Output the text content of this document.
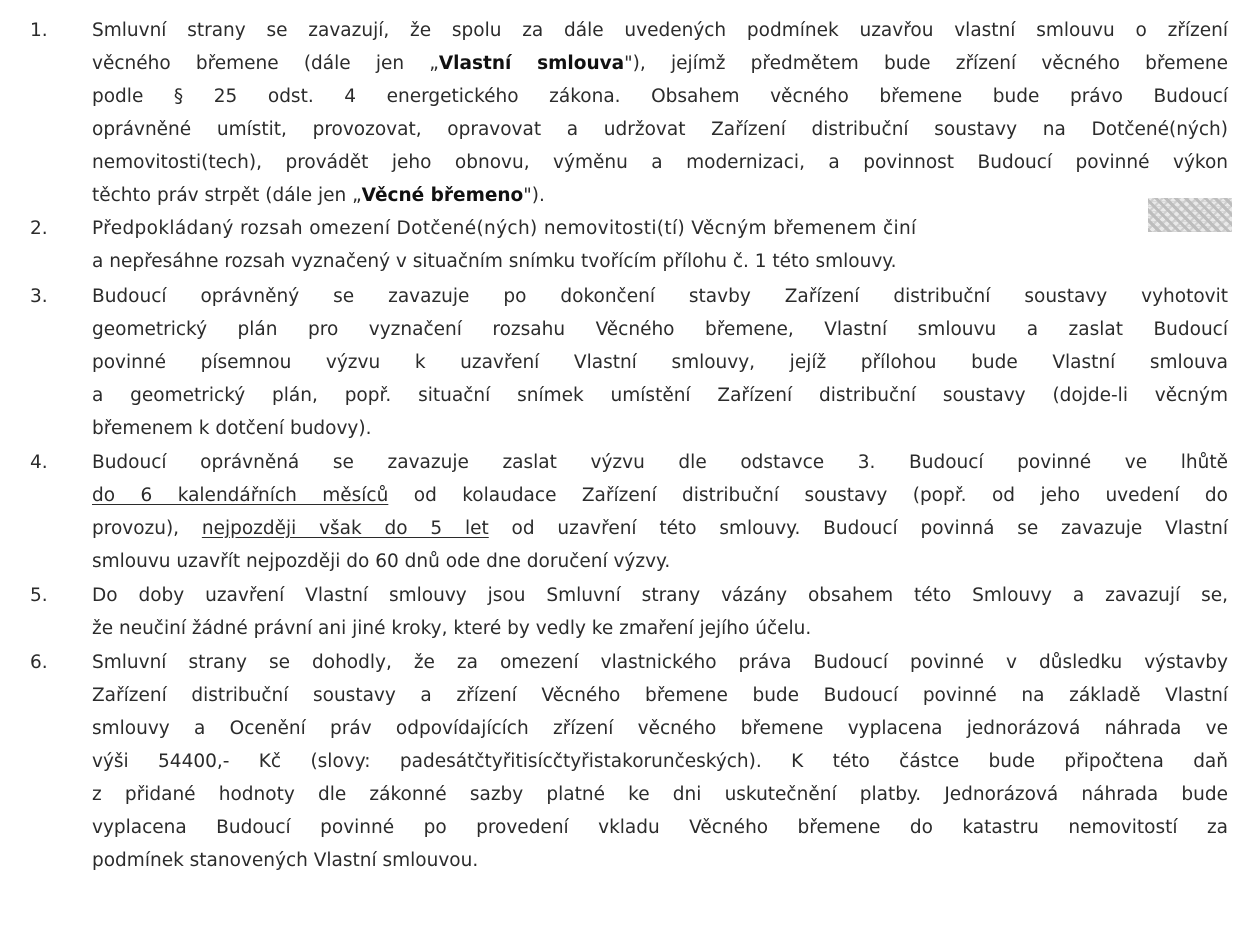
1. Smluvní strany se zavazují, že spolu za dále uvedených podmínek uzavřou vlastní smlouvu o zřízení
věcného břemene (dále jen „Vlastní smlouva"), jejímž předmětem bude zřízení věcného břemene
podle § 25 odst. 4 energetického zákona. Obsahem věcného břemene bude právo Budoucí
oprávněné umístit, provozovat, opravovat a udržovat Zařízení distribuční soustavy na Dotčené(ných)
nemovitosti(tech), provádět jeho obnovu, výměnu a modernizaci, a povinnost Budoucí povinné výkon
těchto práv strpět (dále jen „Věcné břemeno").
2. Předpokládaný rozsah omezení Dotčené(ných) nemovitosti(tí) Věcným břemenem činí
a nepřesáhne rozsah vyznačený v situačním snímku tvořícím přílohu č. 1 této smlouvy.
3. Budoucí oprávněný se zavazuje po dokončení stavby Zařízení distribuční soustavy vyhotovit
geometrický plán pro vyznačení rozsahu Věcného břemene, Vlastní smlouvu a zaslat Budoucí
povinné písemnou výzvu k uzavření Vlastní smlouvy, jejíž přílohou bude Vlastní smlouva
a geometrický plán, popř. situační snímek umístění Zařízení distribuční soustavy (dojde-li věcným
břemenem k dotčení budovy).
4. Budoucí oprávněná se zavazuje zaslat výzvu dle odstavce 3. Budoucí povinné ve lhůtě
do 6 kalendářních měsíců od kolaudace Zařízení distribuční soustavy (popř. od jeho uvedení do
provozu), nejpozději však do 5 let od uzavření této smlouvy. Budoucí povinná se zavazuje Vlastní
smlouvu uzavřít nejpozději do 60 dnů ode dne doručení výzvy.
5. Do doby uzavření Vlastní smlouvy jsou Smluvní strany vázány obsahem této Smlouvy a zavazují se,
že neučiní žádné právní ani jiné kroky, které by vedly ke zmaření jejího účelu.
6. Smluvní strany se dohodly, že za omezení vlastnického práva Budoucí povinné v důsledku výstavby
Zařízení distribuční soustavy a zřízení Věcného břemene bude Budoucí povinné na základě Vlastní
smlouvy a Ocenění práv odpovídajících zřízení věcného břemene vyplacena jednorázová náhrada ve
výši 54400,- Kč (slovy: padesátčtyřitisícčtyřistakorunčeských). K této částce bude připočtena daň
z přidané hodnoty dle zákonné sazby platné ke dni uskutečnění platby. Jednorázová náhrada bude
vyplacena Budoucí povinné po provedení vkladu Věcného břemene do katastru nemovitostí za
podmínek stanovených Vlastní smlouvou.
